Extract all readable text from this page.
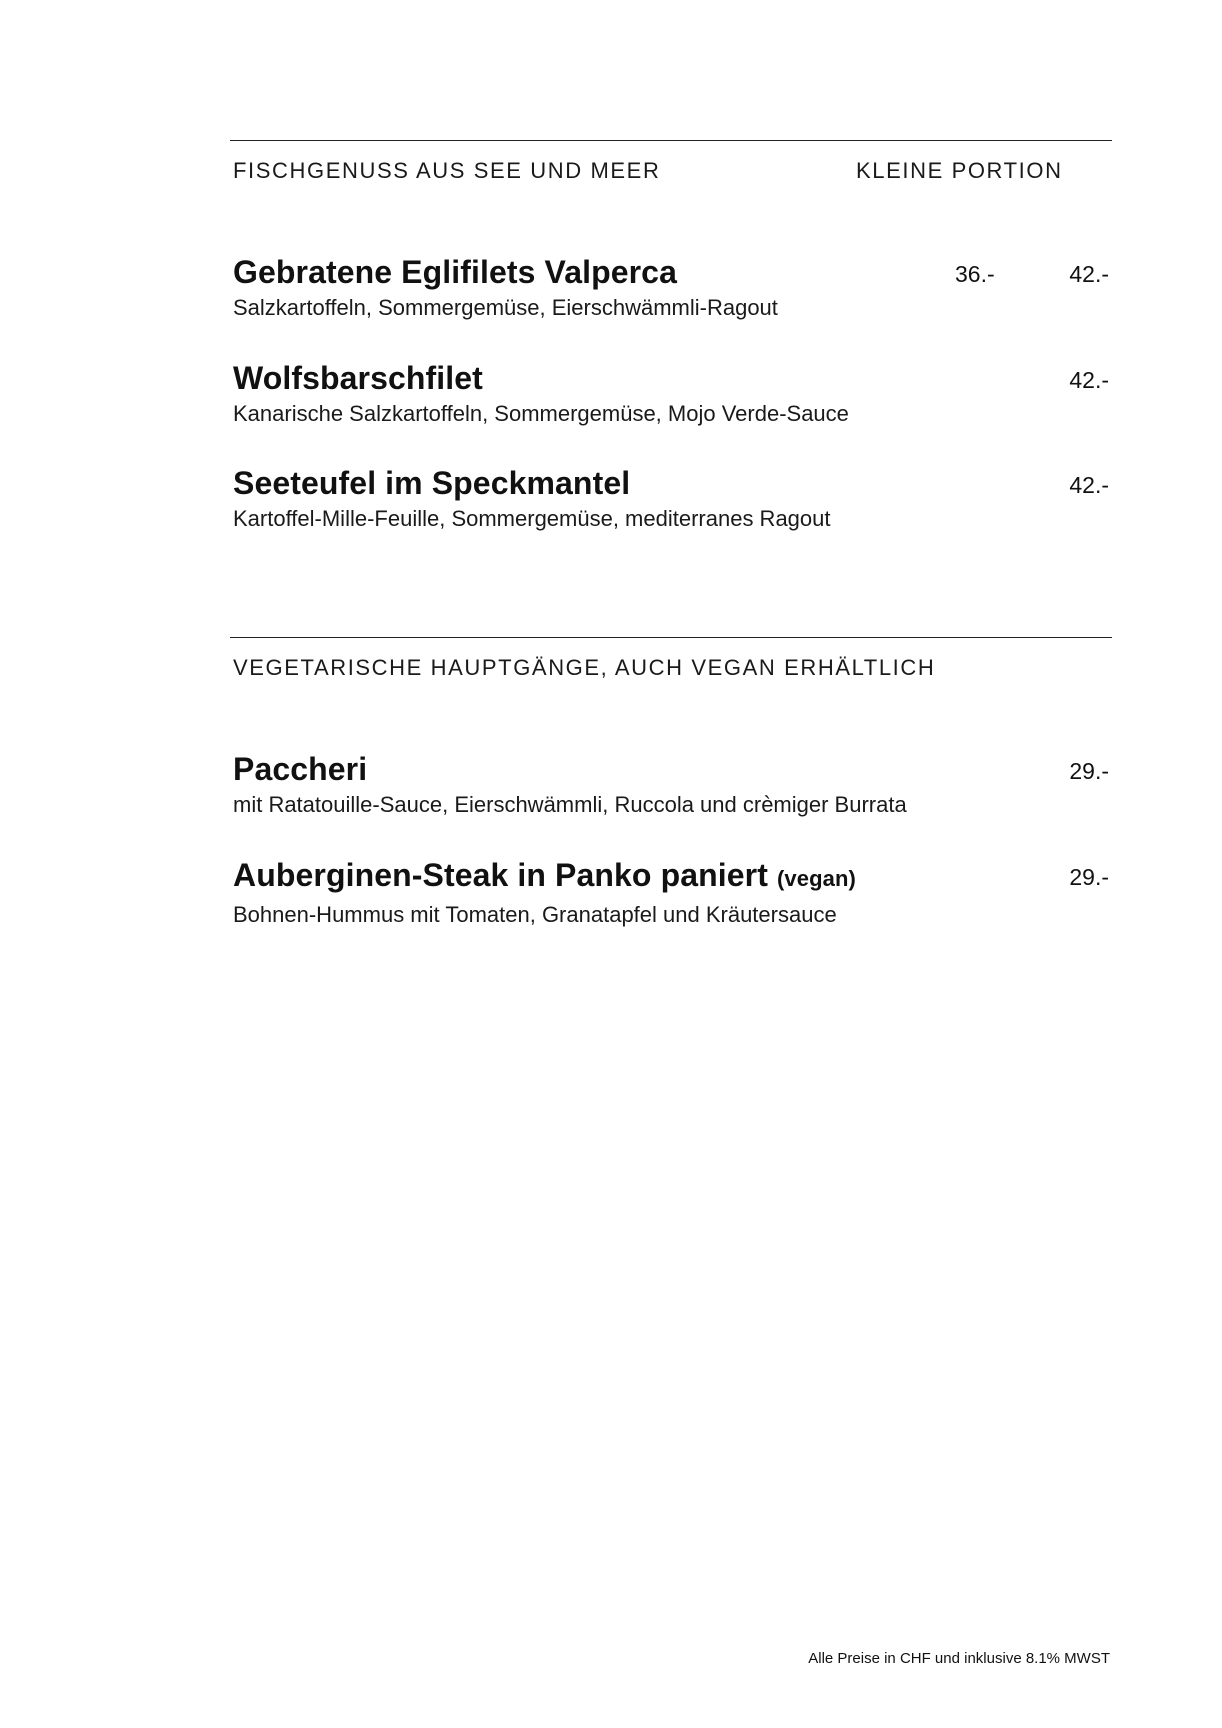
FISCHGENUSS AUS SEE UND MEER	KLEINE PORTION
Gebratene Eglifilets Valperca
Salzkartoffeln, Sommergemüse, Eierschwämmli-Ragout
36.-	42.-
Wolfsbarschfilet
Kanarische Salzkartoffeln, Sommergemüse, Mojo Verde-Sauce
42.-
Seeteufel im Speckmantel
Kartoffel-Mille-Feuille, Sommergemüse, mediterranes Ragout
42.-
VEGETARISCHE HAUPTGÄNGE, AUCH VEGAN ERHÄLTLICH
Paccheri
mit Ratatouille-Sauce, Eierschwämmli, Ruccola und crèmiger Burrata
29.-
Auberginen-Steak in Panko paniert (vegan)
Bohnen-Hummus mit Tomaten, Granatapfel und Kräutersauce
29.-
Alle Preise in CHF und inklusive 8.1% MWST
